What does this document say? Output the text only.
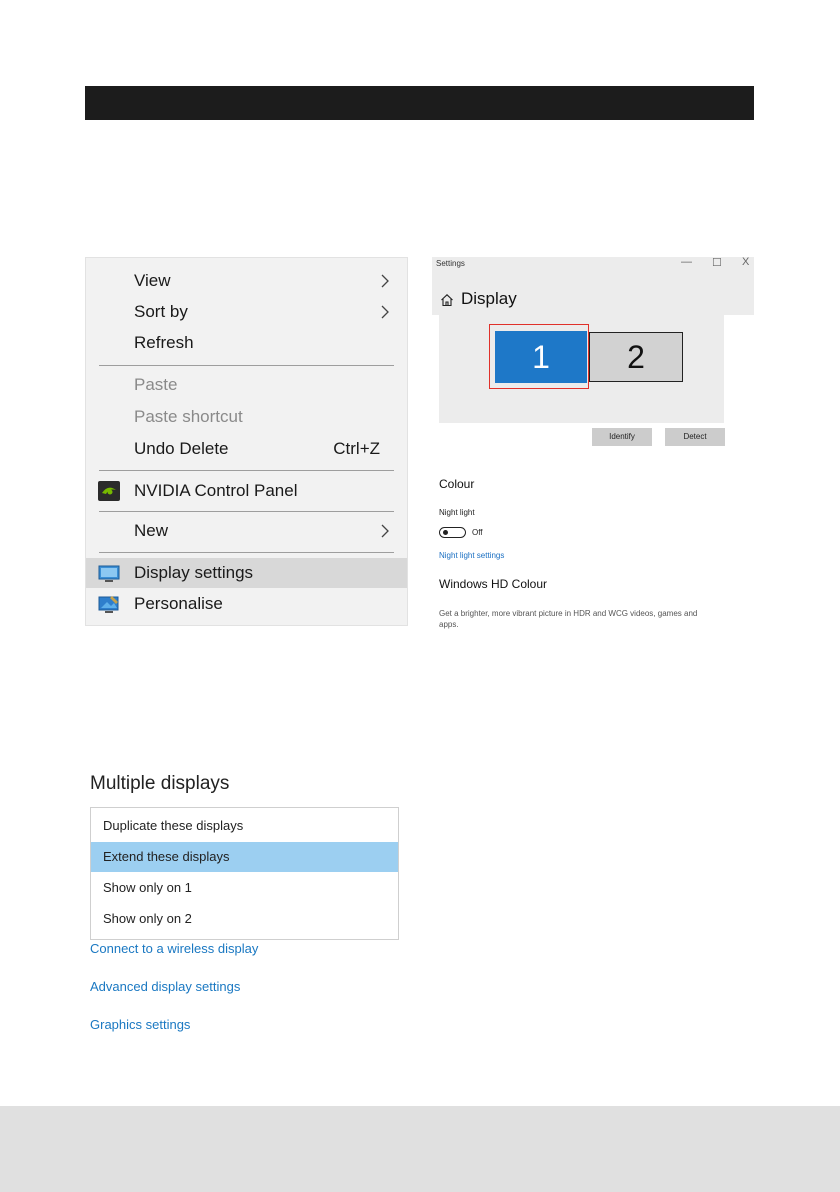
View
Sort by
Refresh
Paste
Paste shortcut
Undo Delete	Ctrl+Z
NVIDIA Control Panel
New
Display settings
Personalise
Settings	— ☐ X
Display
1	2
Identify	Detect
Colour
Night light
Off
Night light settings
Windows HD Colour
Get a brighter, more vibrant picture in HDR and WCG videos, games and
apps.
Multiple displays
Duplicate these displays
Extend these displays
Show only on 1
Show only on 2
Connect to a wireless display
Advanced display settings
Graphics settings
